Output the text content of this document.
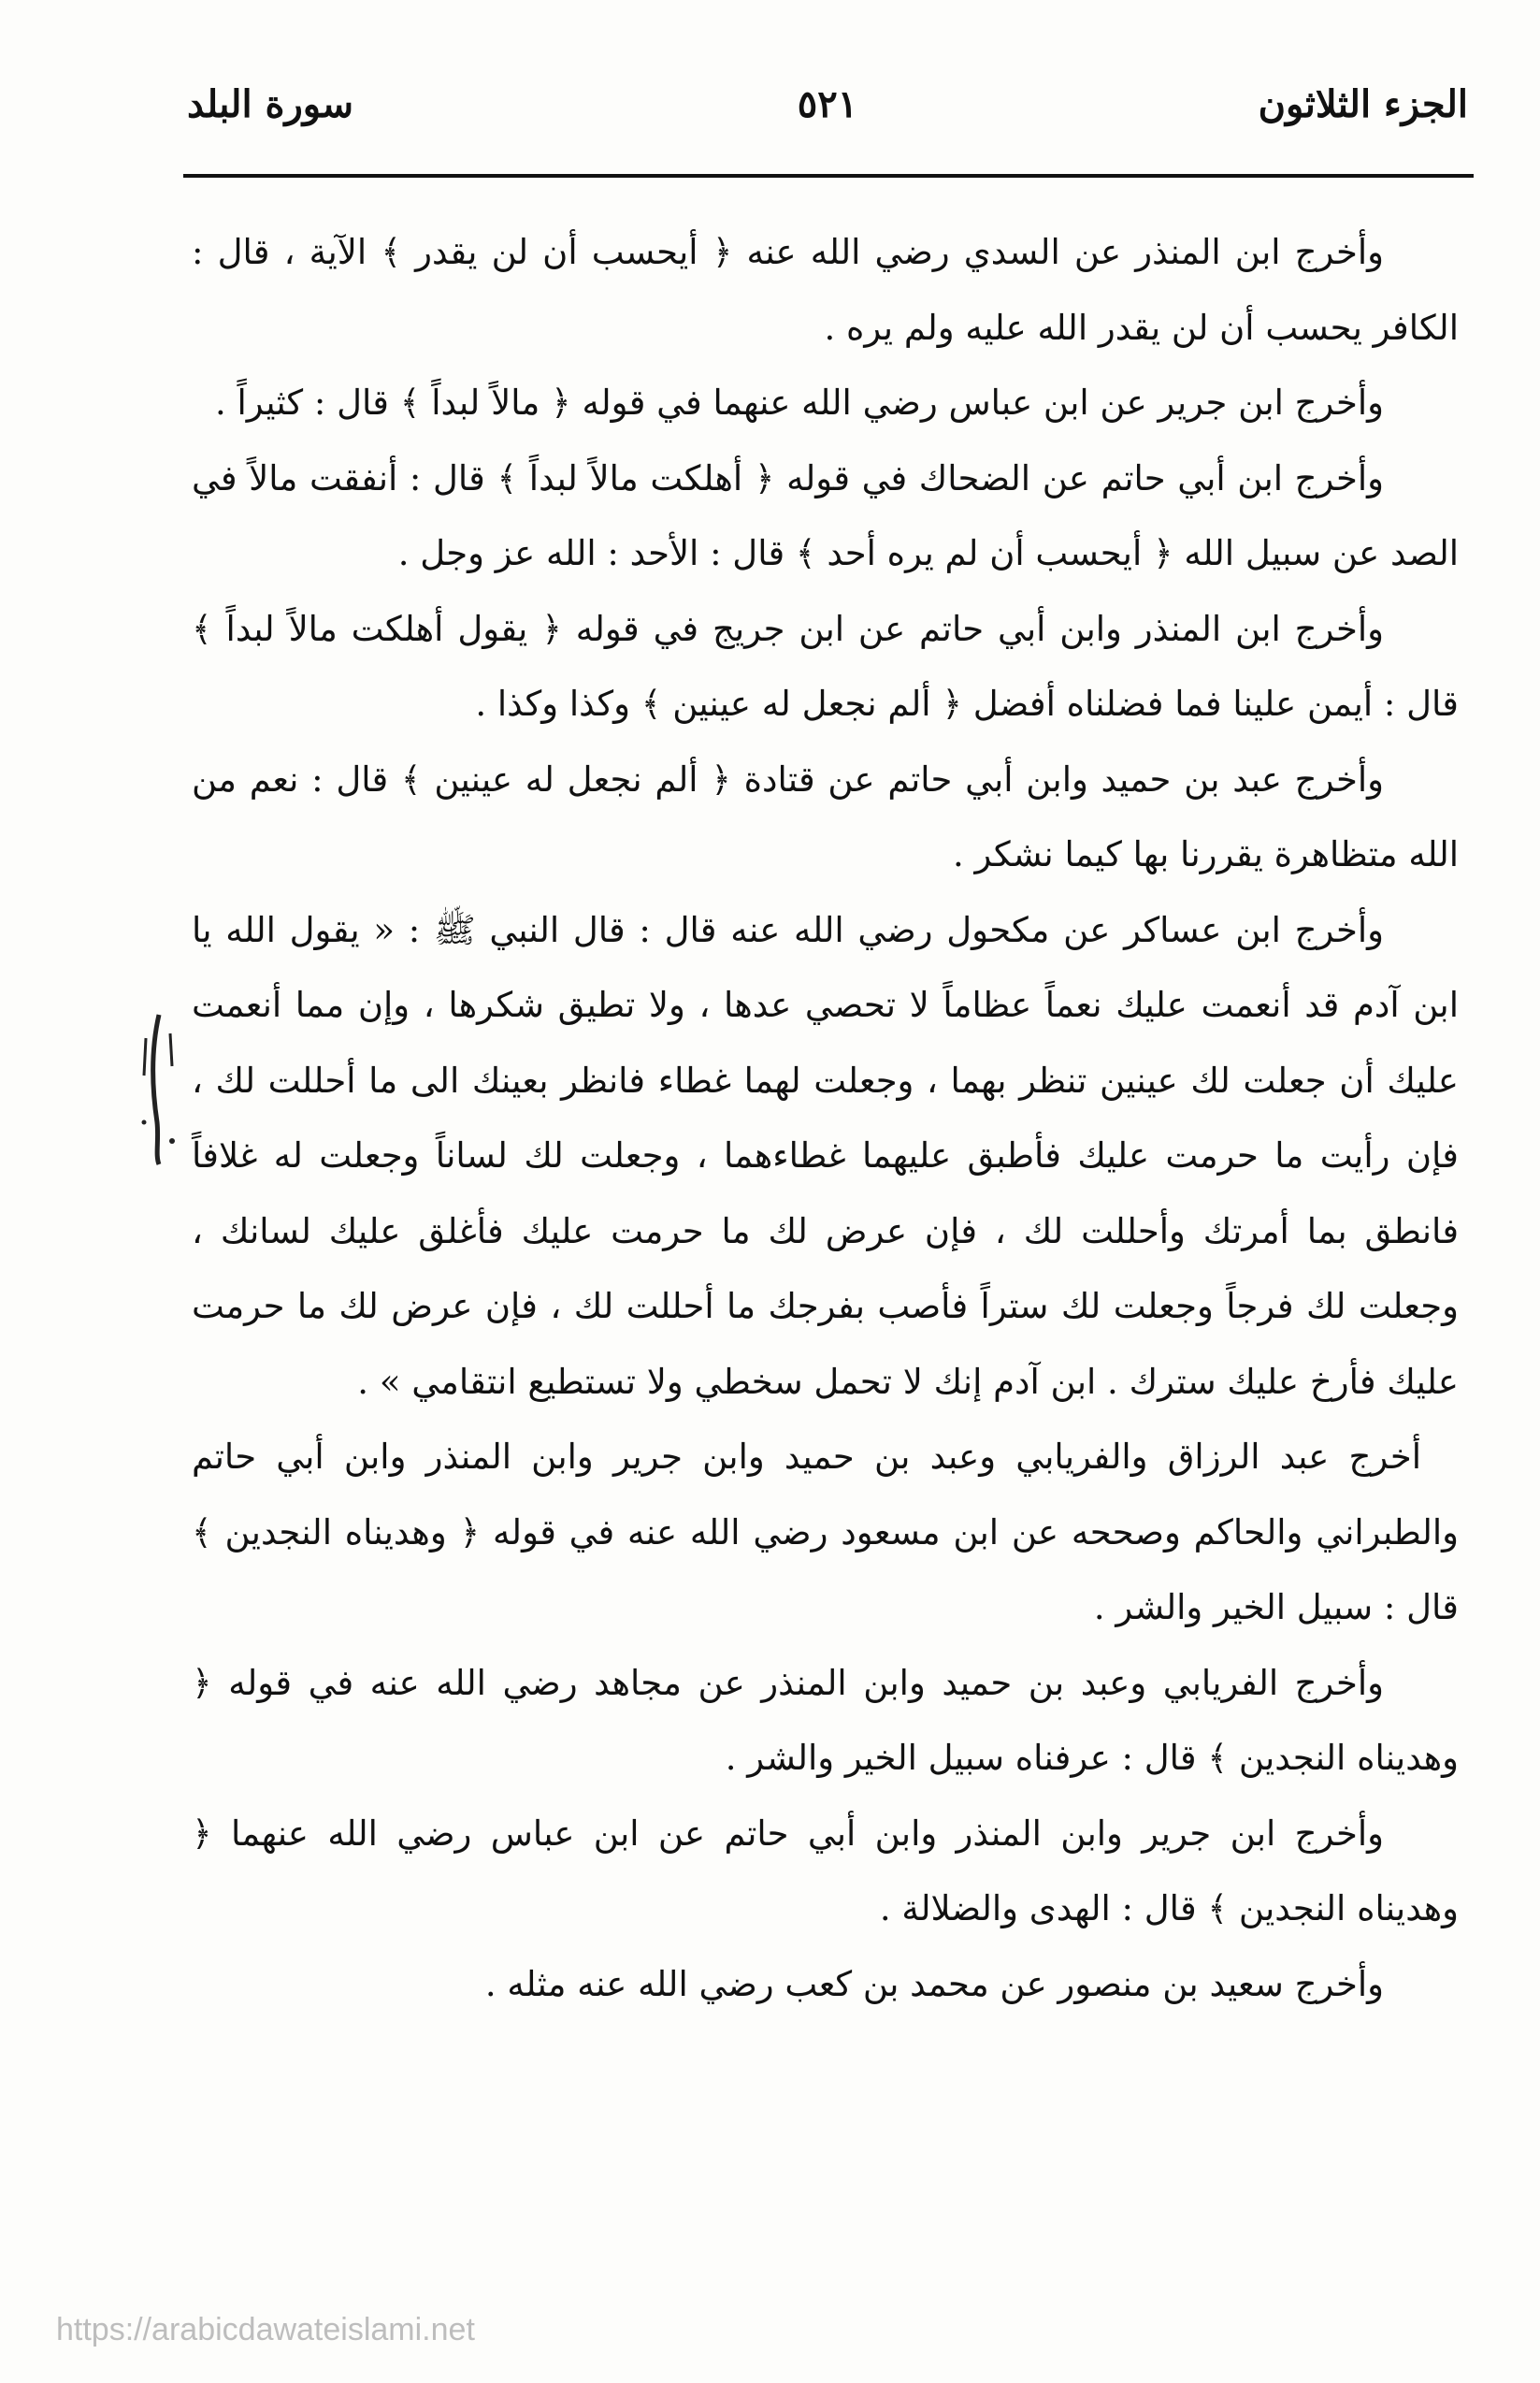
الجزء الثلاثون
٥٢١
سورة البلد

وأخرج ابن المنذر عن السدي رضي الله عنه ﴿ أيحسب أن لن يقدر ﴾ الآية ، قال : الكافر يحسب أن لن يقدر الله عليه ولم يره .

وأخرج ابن جرير عن ابن عباس رضي الله عنهما في قوله ﴿ مالاً لبداً ﴾ قال : كثيراً .

وأخرج ابن أبي حاتم عن الضحاك في قوله ﴿ أهلكت مالاً لبداً ﴾ قال : أنفقت مالاً في الصد عن سبيل الله ﴿ أيحسب أن لم يره أحد ﴾ قال : الأحد : الله عز وجل .

وأخرج ابن المنذر وابن أبي حاتم عن ابن جريج في قوله ﴿ يقول أهلكت مالاً لبداً ﴾ قال : أيمن علينا فما فضلناه أفضل ﴿ ألم نجعل له عينين ﴾ وكذا وكذا .

وأخرج عبد بن حميد وابن أبي حاتم عن قتادة ﴿ ألم نجعل له عينين ﴾ قال : نعم من الله متظاهرة يقررنا بها كيما نشكر .

وأخرج ابن عساكر عن مكحول رضي الله عنه قال : قال النبي ﷺ : « يقول الله يا ابن آدم قد أنعمت عليك نعماً عظاماً لا تحصي عدها ، ولا تطيق شكرها ، وإن مما أنعمت عليك أن جعلت لك عينين تنظر بهما ، وجعلت لهما غطاء فانظر بعينك الى ما أحللت لك ، فإن رأيت ما حرمت عليك فأطبق عليهما غطاءهما ، وجعلت لك لساناً وجعلت له غلافاً فانطق بما أمرتك وأحللت لك ، فإن عرض لك ما حرمت عليك فأغلق عليك لسانك ، وجعلت لك فرجاً وجعلت لك ستراً فأصب بفرجك ما أحللت لك ، فإن عرض لك ما حرمت عليك فأرخ عليك سترك . ابن آدم إنك لا تحمل سخطي ولا تستطيع انتقامي » .

أخرج عبد الرزاق والفريابي وعبد بن حميد وابن جرير وابن المنذر وابن أبي حاتم والطبراني والحاكم وصححه عن ابن مسعود رضي الله عنه في قوله ﴿ وهديناه النجدين ﴾ قال : سبيل الخير والشر .

وأخرج الفريابي وعبد بن حميد وابن المنذر عن مجاهد رضي الله عنه في قوله ﴿ وهديناه النجدين ﴾ قال : عرفناه سبيل الخير والشر .

وأخرج ابن جرير وابن المنذر وابن أبي حاتم عن ابن عباس رضي الله عنهما ﴿ وهديناه النجدين ﴾ قال : الهدى والضلالة .

وأخرج سعيد بن منصور عن محمد بن كعب رضي الله عنه مثله .

https://arabicdawateislami.net
